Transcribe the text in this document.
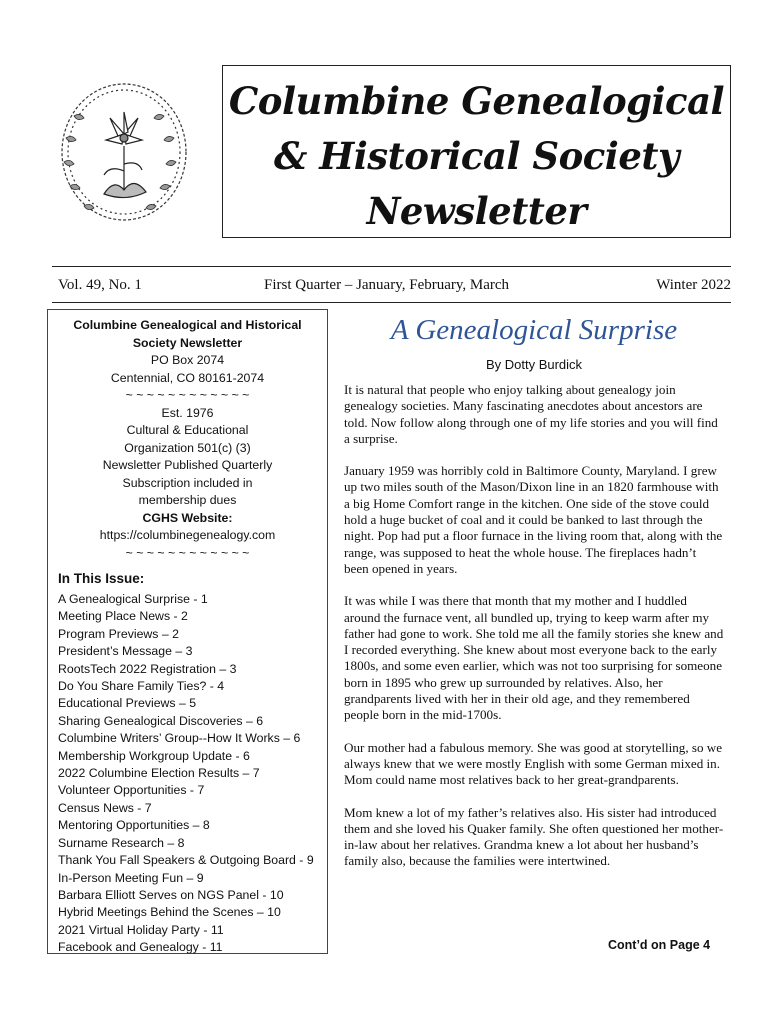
Columbine Genealogical
& Historical Society
Newsletter
Vol. 49, No. 1	First Quarter – January, February, March	Winter 2022
Columbine Genealogical and Historical
Society Newsletter
PO Box 2074
Centennial, CO 80161-2074
~ ~ ~ ~ ~ ~ ~ ~ ~ ~ ~ ~
Est. 1976
Cultural & Educational
Organization 501(c) (3)
Newsletter Published Quarterly
Subscription included in
membership dues
CGHS Website:
https://columbinegenealogy.com
~ ~ ~ ~ ~ ~ ~ ~ ~ ~ ~ ~
In This Issue:
A Genealogical Surprise - 1
Meeting Place News - 2
Program Previews – 2
President’s Message – 3
RootsTech 2022 Registration – 3
Do You Share Family Ties? - 4
Educational Previews – 5
Sharing Genealogical Discoveries – 6
Columbine Writers’ Group--How It Works – 6
Membership Workgroup Update - 6
2022 Columbine Election Results – 7
Volunteer Opportunities - 7
Census News - 7
Mentoring Opportunities – 8
Surname Research – 8
Thank You Fall Speakers & Outgoing Board - 9
In-Person Meeting Fun – 9
Barbara Elliott Serves on NGS Panel - 10
Hybrid Meetings Behind the Scenes – 10
2021 Virtual Holiday Party - 11
Facebook and Genealogy - 11
A Genealogical Surprise
By Dotty Burdick

It is natural that people who enjoy talking about genealogy join genealogy societies. Many fascinating anecdotes about ancestors are told. Now follow along through one of my life stories and you will find a surprise.

January 1959 was horribly cold in Baltimore County, Maryland. I grew up two miles south of the Mason/Dixon line in an 1820 farmhouse with a big Home Comfort range in the kitchen. One side of the stove could hold a huge bucket of coal and it could be banked to last through the night. Pop had put a floor furnace in the living room that, along with the range, was supposed to heat the whole house. The fireplaces hadn’t been opened in years.

It was while I was there that month that my mother and I huddled around the furnace vent, all bundled up, trying to keep warm after my father had gone to work. She told me all the family stories she knew and I recorded everything. She knew about most everyone back to the early 1800s, and some even earlier, which was not too surprising for someone born in 1895 who grew up surrounded by relatives. Also, her grandparents lived with her in their old age, and they remembered people born in the mid-1700s.

Our mother had a fabulous memory. She was good at storytelling, so we always knew that we were mostly English with some German mixed in. Mom could name most relatives back to her great-grandparents.

Mom knew a lot of my father’s relatives also. His sister had introduced them and she loved his Quaker family. She often questioned her mother-in-law about her relatives. Grandma knew a lot about her husband’s family also, because the families were intertwined.

Cont’d on Page 4
